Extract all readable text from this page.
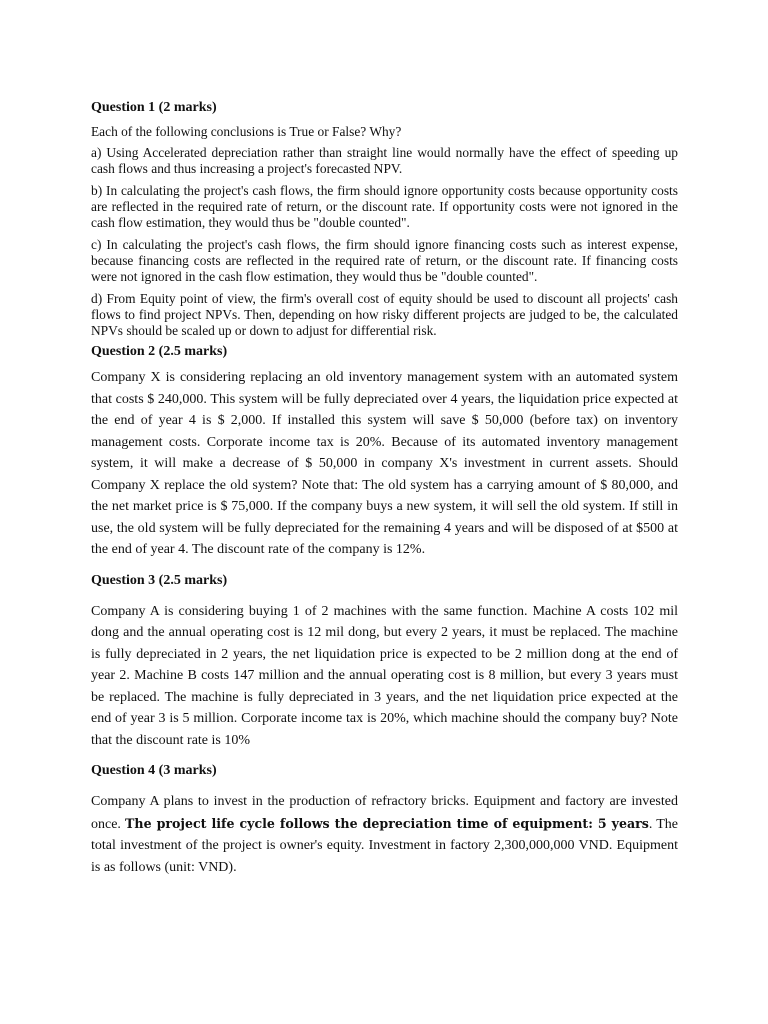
Question 1 (2 marks)

Each of the following conclusions is True or False? Why?

a) Using Accelerated depreciation rather than straight line would normally have the effect of speeding up cash flows and thus increasing a project's forecasted NPV.

b) In calculating the project's cash flows, the firm should ignore opportunity costs because opportunity costs are reflected in the required rate of return, or the discount rate. If opportunity costs were not ignored in the cash flow estimation, they would thus be "double counted".

c) In calculating the project's cash flows, the firm should ignore financing costs such as interest expense, because financing costs are reflected in the required rate of return, or the discount rate. If financing costs were not ignored in the cash flow estimation, they would thus be "double counted".

d) From Equity point of view, the firm's overall cost of equity should be used to discount all projects' cash flows to find project NPVs. Then, depending on how risky different projects are judged to be, the calculated NPVs should be scaled up or down to adjust for differential risk.

Question 2 (2.5 marks)

Company X is considering replacing an old inventory management system with an automated system that costs $ 240,000. This system will be fully depreciated over 4 years, the liquidation price expected at the end of year 4 is $ 2,000. If installed this system will save $ 50,000 (before tax) on inventory management costs. Corporate income tax is 20%. Because of its automated inventory management system, it will make a decrease of $ 50,000 in company X's investment in current assets. Should Company X replace the old system? Note that: The old system has a carrying amount of $ 80,000, and the net market price is $ 75,000. If the company buys a new system, it will sell the old system. If still in use, the old system will be fully depreciated for the remaining 4 years and will be disposed of at $500 at the end of year 4. The discount rate of the company is 12%.

Question 3 (2.5 marks)

Company A is considering buying 1 of 2 machines with the same function. Machine A costs 102 mil dong and the annual operating cost is 12 mil dong, but every 2 years, it must be replaced. The machine is fully depreciated in 2 years, the net liquidation price is expected to be 2 million dong at the end of year 2. Machine B costs 147 million and the annual operating cost is 8 million, but every 3 years must be replaced. The machine is fully depreciated in 3 years, and the net liquidation price expected at the end of year 3 is 5 million. Corporate income tax is 20%, which machine should the company buy? Note that the discount rate is 10%

Question 4 (3 marks)

Company A plans to invest in the production of refractory bricks. Equipment and factory are invested once. The project life cycle follows the depreciation time of equipment: 5 years. The total investment of the project is owner's equity. Investment in factory 2,300,000,000 VND. Equipment is as follows (unit: VND).
